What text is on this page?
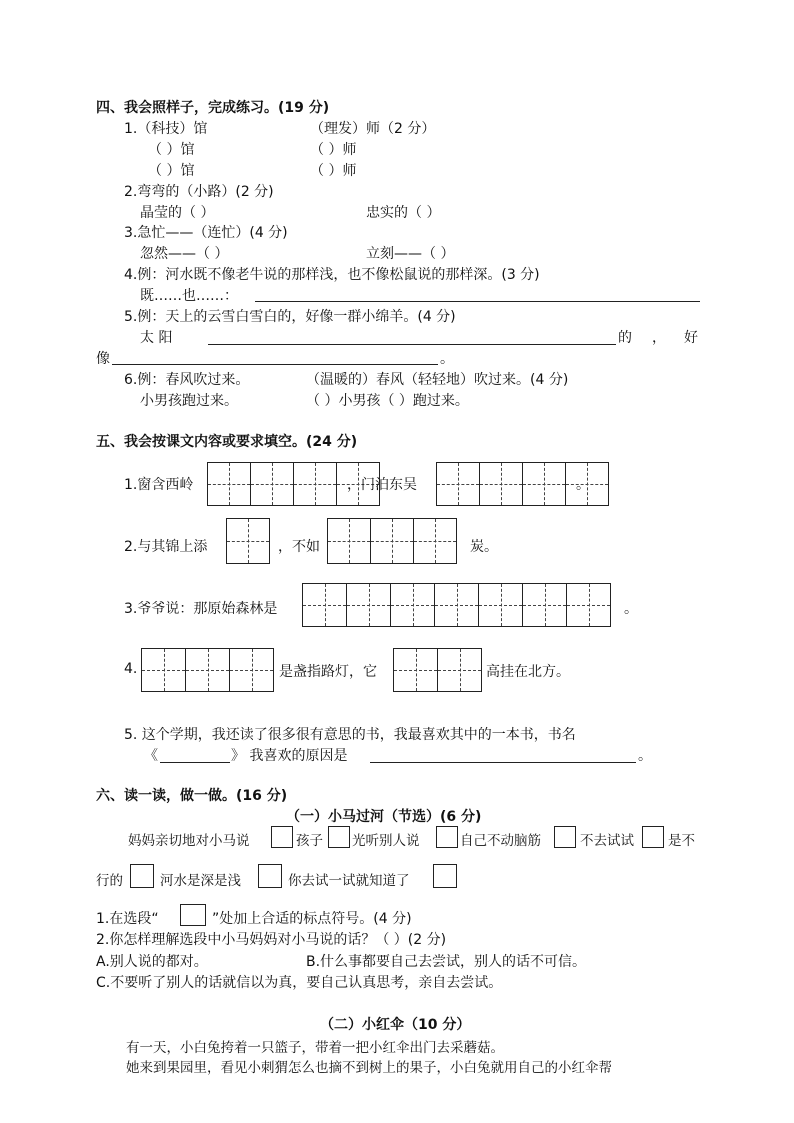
四、我会照样子，完成练习。(19 分)
1.（科技）馆	（理发）师（2 分）
（ ）馆	（ ）师
（ ）馆	（ ）师
2.弯弯的（小路）(2 分)
晶莹的（ ）	忠实的（ ）
3.急忙——（连忙）(4 分)
忽然——（ ）	立刻——（ ）
4.例：河水既不像老牛说的那样浅，也不像松鼠说的那样深。(3 分)
既……也……：
5.例：天上的云雪白雪白的，好像一群小绵羊。(4 分)
太 阳	的 ， 好
像	。
6.例：春风吹过来。	（温暖的）春风（轻轻地）吹过来。(4 分)
小男孩跑过来。	（ ）小男孩（ ）跑过来。
五、我会按课文内容或要求填空。(24 分)
1.窗含西岭	，门泊东吴	。
2.与其锦上添	，不如	炭。
3.爷爷说：那原始森林是	。
4.	是盏指路灯，它	高挂在北方。
5. 这个学期，我还读了很多很有意思的书，我最喜欢其中的一本书，书名
《	》 我喜欢的原因是	。
六、读一读，做一做。(16 分)
（一）小马过河（节选）(6 分)
妈妈亲切地对小马说	孩子 光听别人说	自己不动脑筋	不去试试	是不
行的	河水是深是浅	你去试一试就知道了
1.在选段“	”处加上合适的标点符号。(4 分)
2.你怎样理解选段中小马妈妈对小马说的话？（ ）(2 分)
A.别人说的都对。	B.什么事都要自己去尝试，别人的话不可信。
C.不要听了别人的话就信以为真，要自己认真思考，亲自去尝试。
（二）小红伞（10 分）
有一天，小白兔挎着一只篮子，带着一把小红伞出门去采蘑菇。
她来到果园里，看见小刺猬怎么也摘不到树上的果子，小白兔就用自己的小红伞帮
